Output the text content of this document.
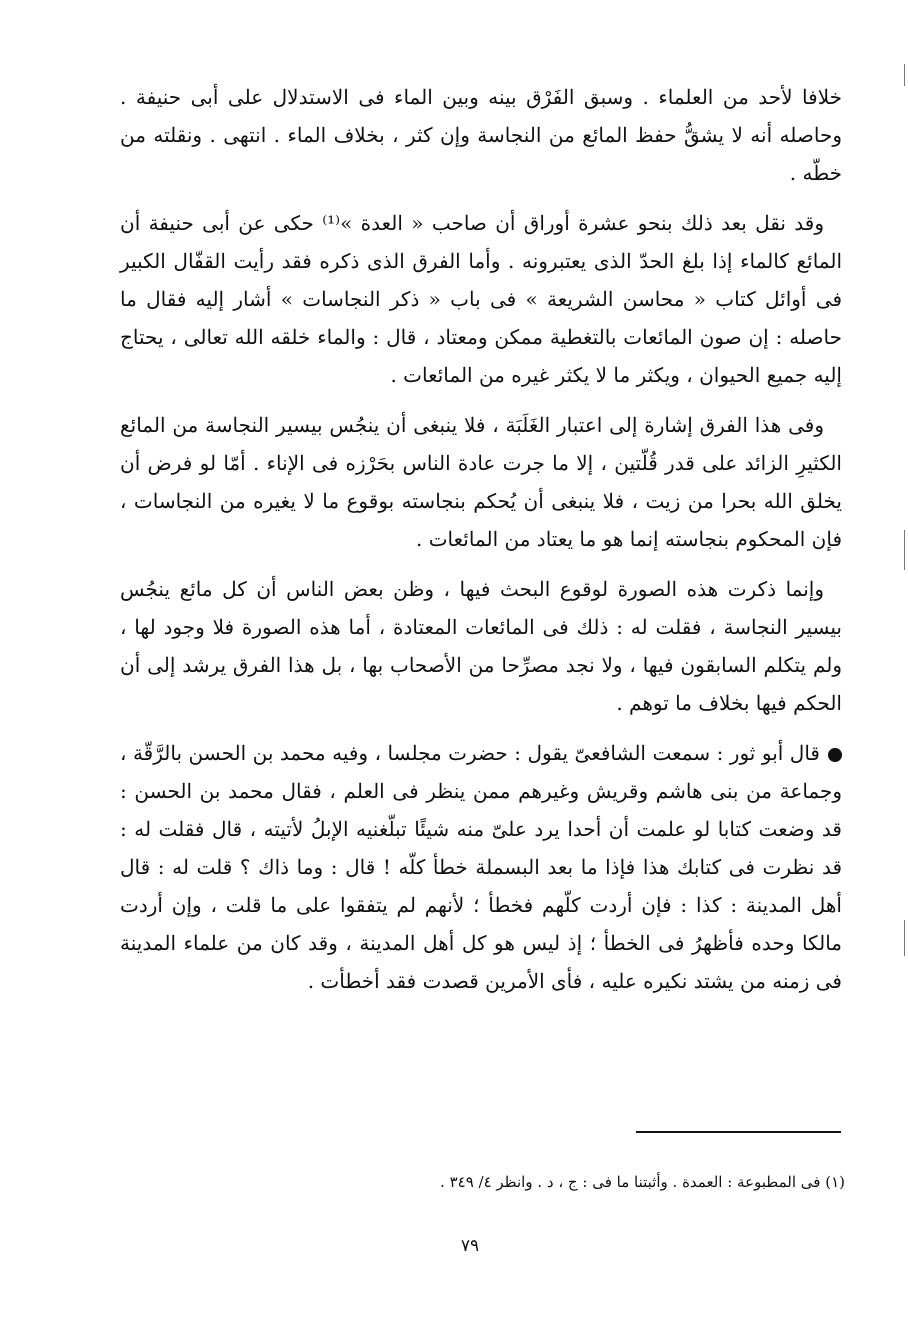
خلافا لأحد من العلماء . وسبق الفَرْق بينه وبين الماء فى الاستدلال على أبى حنيفة . وحاصله أنه لا يشقُّ حفظ المائع من النجاسة وإن كثر ، بخلاف الماء . انتهى . ونقلته من خطّه .

وقد نقل بعد ذلك بنحو عشرة أوراق أن صاحب « العدة »⁽¹⁾ حكى عن أبى حنيفة أن المائع كالماء إذا بلغ الحدّ الذى يعتبرونه . وأما الفرق الذى ذكره فقد رأيت القفّال الكبير فى أوائل كتاب « محاسن الشريعة » فى باب « ذكر النجاسات » أشار إليه فقال ما حاصله : إن صون المائعات بالتغطية ممكن ومعتاد ، قال : والماء خلقه الله تعالى ، يحتاج إليه جميع الحيوان ، ويكثر ما لا يكثر غيره من المائعات .

وفى هذا الفرق إشارة إلى اعتبار الغَلَبَة ، فلا ينبغى أن ينجُس بيسير النجاسة من المائع الكثيرِ الزائد على قدر قُلّتين ، إلا ما جرت عادة الناس بحَرْزه فى الإناء . أمّا لو فرض أن يخلق الله بحرا من زيت ، فلا ينبغى أن يُحكم بنجاسته بوقوع ما لا يغيره من النجاسات ، فإن المحكوم بنجاسته إنما هو ما يعتاد من المائعات .

وإنما ذكرت هذه الصورة لوقوع البحث فيها ، وظن بعض الناس أن كل مائع ينجُس بيسير النجاسة ، فقلت له : ذلك فى المائعات المعتادة ، أما هذه الصورة فلا وجود لها ، ولم يتكلم السابقون فيها ، ولا نجد مصرِّحا من الأصحاب بها ، بل هذا الفرق يرشد إلى أن الحكم فيها بخلاف ما توهم .

قال أبو ثور : سمعت الشافعىّ يقول : حضرت مجلسا ، وفيه محمد بن الحسن بالرَّقّة ، وجماعة من بنى هاشم وقريش وغيرهم ممن ينظر فى العلم ، فقال محمد بن الحسن : قد وضعت كتابا لو علمت أن أحدا يرد علىّ منه شيئًا تبلّغنيه الإبلُ لأتيته ، قال فقلت له : قد نظرت فى كتابك هذا فإذا ما بعد البسملة خطأ كلّه ! قال : وما ذاك ؟ قلت له : قال أهل المدينة : كذا : فإن أردت كلّهم فخطأ ؛ لأنهم لم يتفقوا على ما قلت ، وإن أردت مالكا وحده فأظهرُ فى الخطأ ؛ إذ ليس هو كل أهل المدينة ، وقد كان من علماء المدينة فى زمنه من يشتد نكيره عليه ، فأى الأمرين قصدت فقد أخطأت .

(١) فى المطبوعة : العمدة . وأثبتنا ما فى : ج ، د . وانظر ٤/ ٣٤٩ .
٧٩
